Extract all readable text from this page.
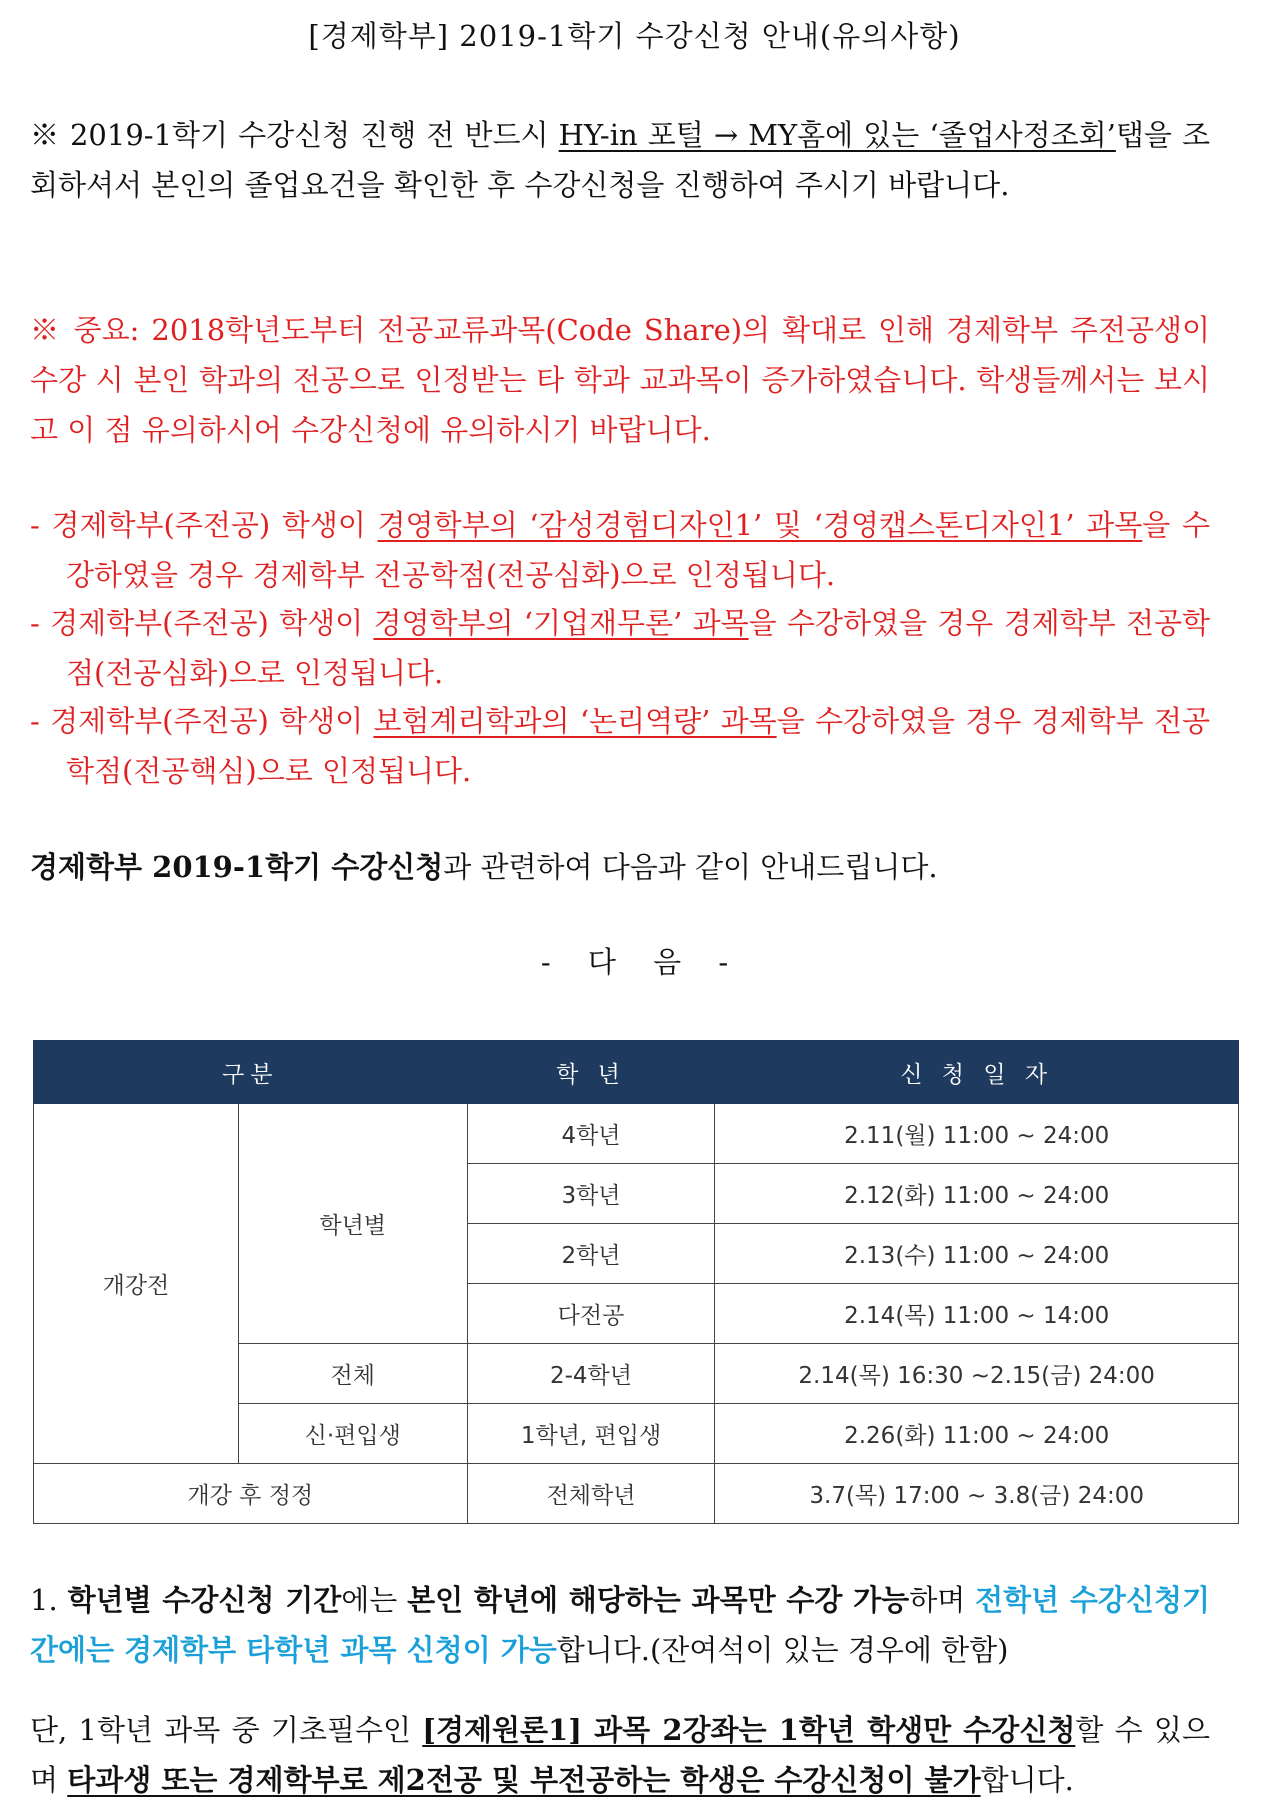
[경제학부] 2019-1학기 수강신청 안내(유의사항)
※ 2019-1학기 수강신청 진행 전 반드시 HY-in 포털 → MY홈에 있는 ‘졸업사정조회’탭을 조회하셔서 본인의 졸업요건을 확인한 후 수강신청을 진행하여 주시기 바랍니다.
※ 중요: 2018학년도부터 전공교류과목(Code Share)의 확대로 인해 경제학부 주전공생이 수강 시 본인 학과의 전공으로 인정받는 타 학과 교과목이 증가하였습니다. 학생들께서는 보시고 이 점 유의하시어 수강신청에 유의하시기 바랍니다.
- 경제학부(주전공) 학생이 경영학부의 ‘감성경험디자인1’ 및 ‘경영캡스톤디자인1’ 과목을 수강하였을 경우 경제학부 전공학점(전공심화)으로 인정됩니다.
- 경제학부(주전공) 학생이 경영학부의 ‘기업재무론’ 과목을 수강하였을 경우 경제학부 전공학점(전공심화)으로 인정됩니다.
- 경제학부(주전공) 학생이 보험계리학과의 ‘논리역량’ 과목을 수강하였을 경우 경제학부 전공학점(전공핵심)으로 인정됩니다.
경제학부 2019-1학기 수강신청과 관련하여 다음과 같이 안내드립니다.
- 다 음 -
구분		학 년	신 청 일 자
개강전	학년별	4학년	2.11(월) 11:00 ~ 24:00
		3학년	2.12(화) 11:00 ~ 24:00
		2학년	2.13(수) 11:00 ~ 24:00
		다전공	2.14(목) 11:00 ~ 14:00
	전체	2-4학년	2.14(목) 16:30 ~2.15(금) 24:00
	신·편입생	1학년, 편입생	2.26(화) 11:00 ~ 24:00
개강 후 정정		전체학년	3.7(목) 17:00 ~ 3.8(금) 24:00
1. 학년별 수강신청 기간에는 본인 학년에 해당하는 과목만 수강 가능하며 전학년 수강신청기간에는 경제학부 타학년 과목 신청이 가능합니다.(잔여석이 있는 경우에 한함)
단, 1학년 과목 중 기초필수인 [경제원론1] 과목 2강좌는 1학년 학생만 수강신청할 수 있으며 타과생 또는 경제학부로 제2전공 및 부전공하는 학생은 수강신청이 불가합니다.
